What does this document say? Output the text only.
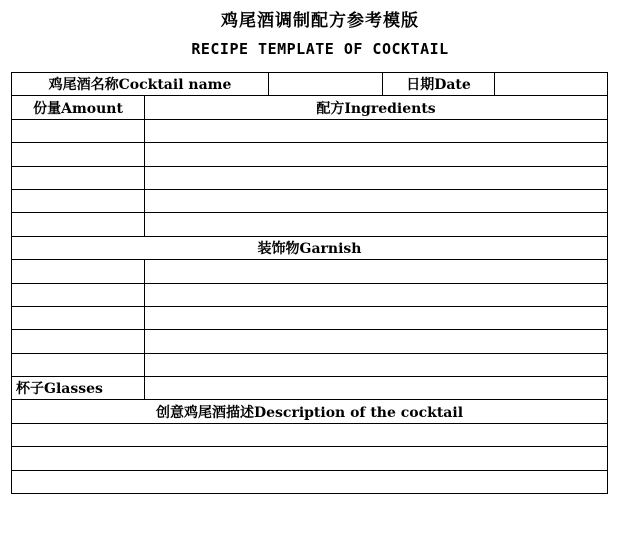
鸡尾酒调制配方参考模版
RECIPE TEMPLATE OF COCKTAIL
鸡尾酒名称Cocktail name			日期Date	
份量Amount	配方Ingredients			

装饰物Garnish				

杯子Glasses				
创意鸡尾酒描述Description of the cocktail				
